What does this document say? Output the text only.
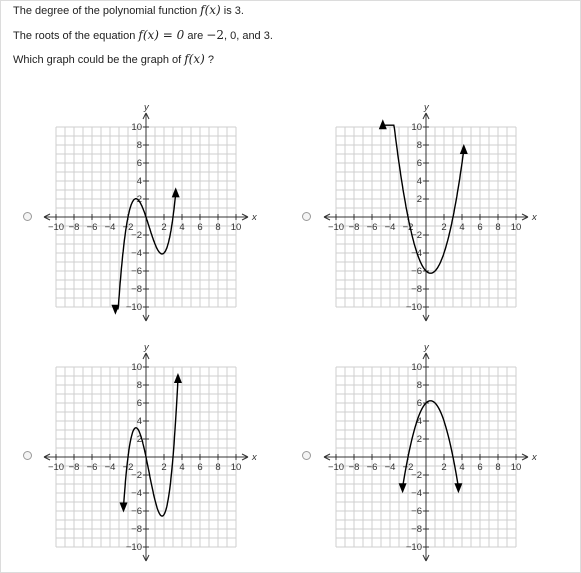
The degree of the polynomial function f(x) is 3.
The roots of the equation f(x) = 0 are −2, 0, and 3.
Which graph could be the graph of f(x) ?
x
y
−10 −8 −6 −4 −2	2 4 6 8 10
10
8
6
4
2
−2
−4
−6
−8
−10
x
y
−10 −8 −6 −4 −2	2 4 6 8 10
10
8
6
4
2
−2
−4
−6
−8
−10
x
y
−10 −8 −6 −4 −2	2 4 6 8 10
10
8
6
4
2
−2
−4
−6
−8
−10
x
y
−10 −8 −6 −4 −2	2 4 6 8 10
10
8
6
4
2
−2
−4
−6
−8
−10
